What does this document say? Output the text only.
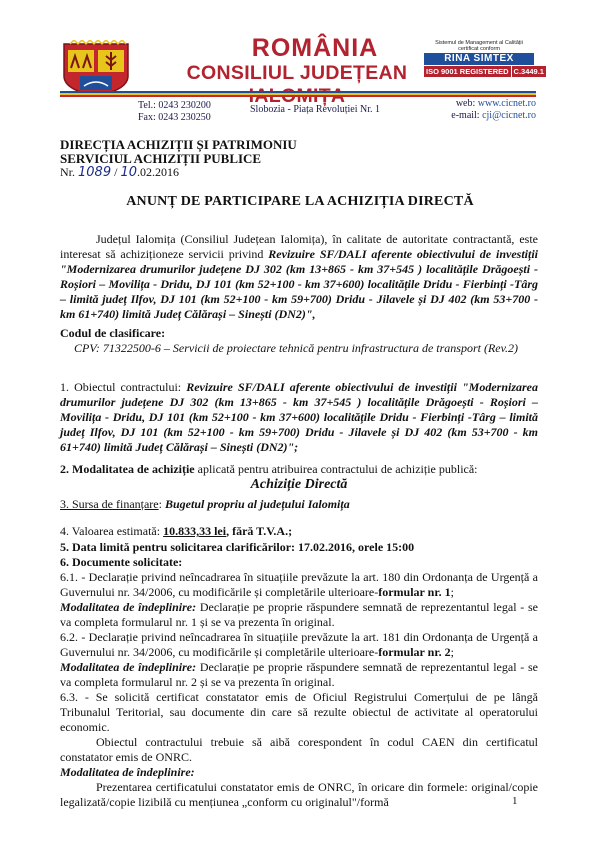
ROMÂNIA
CONSILIUL JUDEȚEAN
Sistemul de Management al Calității
certificat conform
RINA SIMTEX
ISO 9001 REGISTERED C.3449.1
Tel.: 0243 230200
Fax: 0243 230250
Slobozia - Piața Revoluției Nr. 1
web: www.cicnet.ro
e-mail: cji@cicnet.ro
DIRECȚIA ACHIZIȚII ȘI PATRIMONIU
SERVICIUL ACHIZIȚII PUBLICE
Nr. 1089 / 10.02.2016
ANUNȚ DE PARTICIPARE LA ACHIZIȚIA DIRECTĂ

Județul Ialomița (Consiliul Județean Ialomița), în calitate de autoritate contractantă, este interesat să achiziționeze servicii privind Revizuire SF/DALI aferente obiectivului de investiții "Modernizarea drumurilor județene DJ 302 (km 13+865 - km 37+545 ) localitățile Drăgoești - Roșiori – Movilița - Dridu, DJ 101 (km 52+100 - km 37+600) localitățile Dridu - Fierbinți -Târg – limită județ Ilfov, DJ 101 (km 52+100 - km 59+700) Dridu - Jilavele și DJ 402 (km 53+700 - km 61+740) limită Județ Călărași – Sinești (DN2)",

Codul de clasificare:

CPV: 71322500-6 – Servicii de proiectare tehnică pentru infrastructura de transport (Rev.2)

1. Obiectul contractului: Revizuire SF/DALI aferente obiectivului de investiții "Modernizarea drumurilor județene DJ 302 (km 13+865 - km 37+545 ) localitățile Drăgoești - Roșiori – Movilița - Dridu, DJ 101 (km 52+100 - km 37+600) localitățile Dridu - Fierbinți -Târg – limită județ Ilfov, DJ 101 (km 52+100 - km 59+700) Dridu - Jilavele și DJ 402 (km 53+700 - km 61+740) limită Județ Călărași – Sinești (DN2)";

2. Modalitatea de achiziție aplicată pentru atribuirea contractului de achiziție publică:

Achiziție Directă

3. Sursa de finanțare: Bugetul propriu al județului Ialomița

4. Valoarea estimată: 10.833,33 lei, fără T.V.A.;

5. Data limită pentru solicitarea clarificărilor: 17.02.2016, orele 15:00

6. Documente solicitate:

6.1. - Declarație privind neîncadrarea în situațiile prevăzute la art. 180 din Ordonanța de Urgență a Guvernului nr. 34/2006, cu modificările și completările ulterioare-formular nr. 1;

Modalitatea de îndeplinire: Declarație pe proprie răspundere semnată de reprezentantul legal - se va completa formularul nr. 1 și se va prezenta în original.

6.2. - Declarație privind neîncadrarea în situațiile prevăzute la art. 181 din Ordonanța de Urgență a Guvernului nr. 34/2006, cu modificările și completările ulterioare-formular nr. 2;

Modalitatea de îndeplinire: Declarație pe proprie răspundere semnată de reprezentantul legal - se va completa formularul nr. 2 și se va prezenta în original.

6.3. - Se solicită certificat constatator emis de Oficiul Registrului Comerțului de pe lângă Tribunalul Teritorial, sau documente din care să rezulte obiectul de activitate al operatorului economic.

Obiectul contractului trebuie să aibă corespondent în codul CAEN din certificatul constatator emis de ONRC.

Modalitatea de îndeplinire:

Prezentarea certificatului constatator emis de ONRC, în oricare din formele: original/copie legalizată/copie lizibilă cu mențiunea „conform cu originalul"/formă	1
